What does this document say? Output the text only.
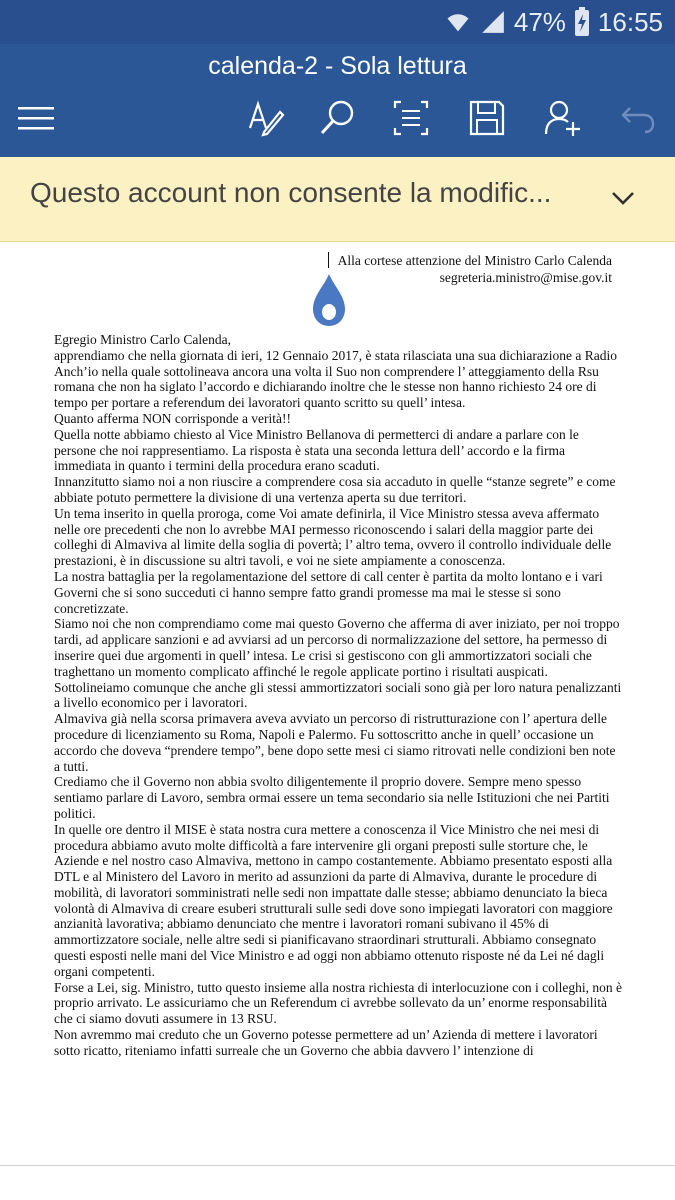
47% 16:55
calenda-2 - Sola lettura
Questo account non consente la modific...
Alla cortese attenzione del Ministro Carlo Calenda
segreteria.ministro@mise.gov.it

Egregio Ministro Carlo Calenda,

apprendiamo che nella giornata di ieri, 12 Gennaio 2017, è stata rilasciata una sua dichiarazione a Radio Anch’io nella quale sottolineava ancora una volta il Suo non comprendere l’ atteggiamento della Rsu romana che non ha siglato l’accordo e dichiarando inoltre che le stesse non hanno richiesto 24 ore di tempo per portare a referendum dei lavoratori quanto scritto su quell’ intesa.

Quanto afferma NON corrisponde a verità!!

Quella notte abbiamo chiesto al Vice Ministro Bellanova di permetterci di andare a parlare con le persone che noi rappresentiamo. La risposta è stata una seconda lettura dell’ accordo e la firma immediata in quanto i termini della procedura erano scaduti.

Innanzitutto siamo noi a non riuscire a comprendere cosa sia accaduto in quelle “stanze segrete” e come abbiate potuto permettere la divisione di una vertenza aperta su due territori.

Un tema inserito in quella proroga, come Voi amate definirla, il Vice Ministro stessa aveva affermato nelle ore precedenti che non lo avrebbe MAI permesso riconoscendo i salari della maggior parte dei colleghi di Almaviva al limite della soglia di povertà; l’ altro tema, ovvero il controllo individuale delle prestazioni, è in discussione su altri tavoli, e voi ne siete ampiamente a conoscenza.

La nostra battaglia per la regolamentazione del settore di call center è partita da molto lontano e i vari Governi che si sono succeduti ci hanno sempre fatto grandi promesse ma mai le stesse si sono concretizzate.

Siamo noi che non comprendiamo come mai questo Governo che afferma di aver iniziato, per noi troppo tardi, ad applicare sanzioni e ad avviarsi ad un percorso di normalizzazione del settore, ha permesso di inserire quei due argomenti in quell’ intesa. Le crisi si gestiscono con gli ammortizzatori sociali che traghettano un momento complicato affinché le regole applicate portino i risultati auspicati. Sottolineiamo comunque che anche gli stessi ammortizzatori sociali sono già per loro natura penalizzanti a livello economico per i lavoratori.

Almaviva già nella scorsa primavera aveva avviato un percorso di ristrutturazione con l’ apertura delle procedure di licenziamento su Roma, Napoli e Palermo. Fu sottoscritto anche in quell’ occasione un accordo che doveva “prendere tempo”, bene dopo sette mesi ci siamo ritrovati nelle condizioni ben note a tutti.

Crediamo che il Governo non abbia svolto diligentemente il proprio dovere. Sempre meno spesso sentiamo parlare di Lavoro, sembra ormai essere un tema secondario sia nelle Istituzioni che nei Partiti politici.

In quelle ore dentro il MISE è stata nostra cura mettere a conoscenza il Vice Ministro che nei mesi di procedura abbiamo avuto molte difficoltà a fare intervenire gli organi preposti sulle storture che, le Aziende e nel nostro caso Almaviva, mettono in campo costantemente. Abbiamo presentato esposti alla DTL e al Ministero del Lavoro in merito ad assunzioni da parte di Almaviva, durante le procedure di mobilità, di lavoratori somministrati nelle sedi non impattate dalle stesse; abbiamo denunciato la bieca volontà di Almaviva di creare esuberi strutturali sulle sedi dove sono impiegati lavoratori con maggiore anzianità lavorativa; abbiamo denunciato che mentre i lavoratori romani subivano il 45% di ammortizzatore sociale, nelle altre sedi si pianificavano straordinari strutturali. Abbiamo consegnato questi esposti nelle mani del Vice Ministro e ad oggi non abbiamo ottenuto risposte né da Lei né dagli organi competenti.

Forse a Lei, sig. Ministro, tutto questo insieme alla nostra richiesta di interlocuzione con i colleghi, non è proprio arrivato. Le assicuriamo che un Referendum ci avrebbe sollevato da un’ enorme responsabilità che ci siamo dovuti assumere in 13 RSU.

Non avremmo mai creduto che un Governo potesse permettere ad un’ Azienda di mettere i lavoratori sotto ricatto, riteniamo infatti surreale che un Governo che abbia davvero l’ intenzione di
